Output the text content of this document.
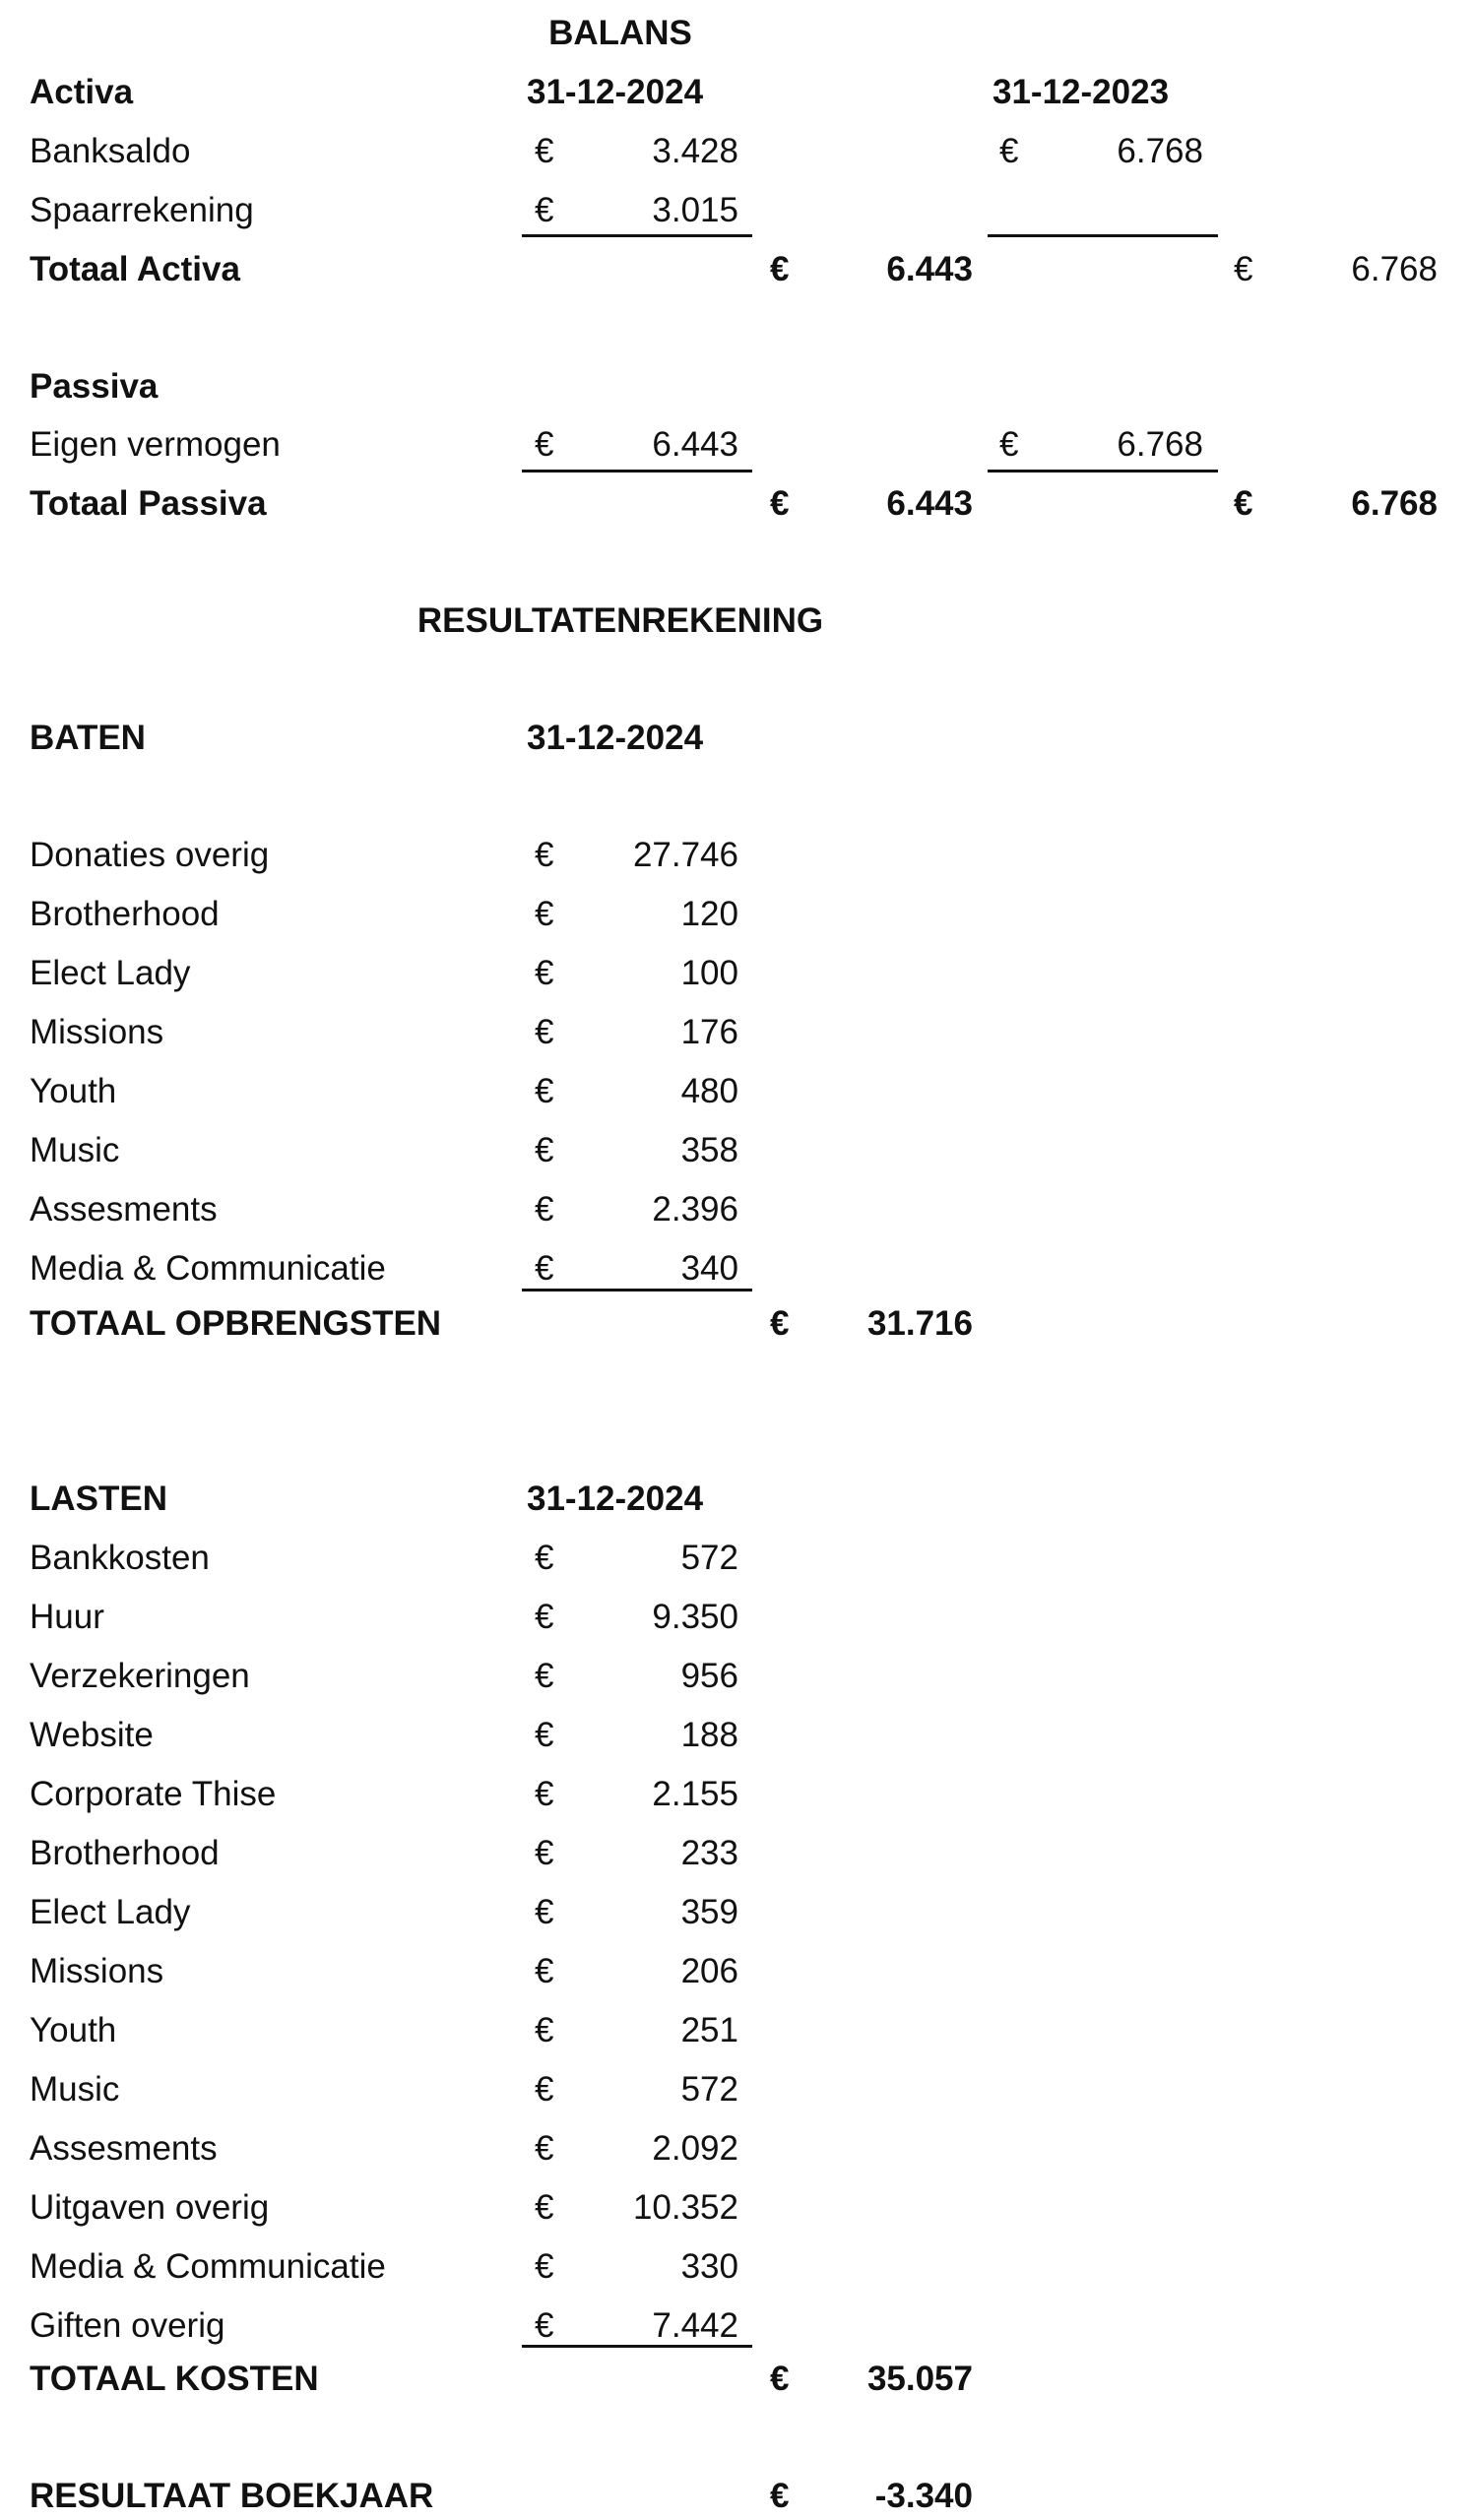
BALANS
Activa	31-12-2024	31-12-2023
Banksaldo	€	3.428	€	6.768
Spaarrekening	€	3.015
Totaal Activa	€	6.443	€	6.768
Passiva
Eigen vermogen	€	6.443	€	6.768
Totaal Passiva	€	6.443	€	6.768
RESULTATENREKENING
BATEN	31-12-2024
Donaties overig	€	27.746
Brotherhood	€	120
Elect Lady	€	100
Missions	€	176
Youth	€	480
Music	€	358
Assesments	€	2.396
Media & Communicatie	€	340
TOTAAL OPBRENGSTEN	€	31.716
LASTEN	31-12-2024
Bankkosten	€	572
Huur	€	9.350
Verzekeringen	€	956
Website	€	188
Corporate Thise	€	2.155
Brotherhood	€	233
Elect Lady	€	359
Missions	€	206
Youth	€	251
Music	€	572
Assesments	€	2.092
Uitgaven overig	€	10.352
Media & Communicatie	€	330
Giften overig	€	7.442
TOTAAL KOSTEN	€	35.057
RESULTAAT BOEKJAAR	€	-3.340
